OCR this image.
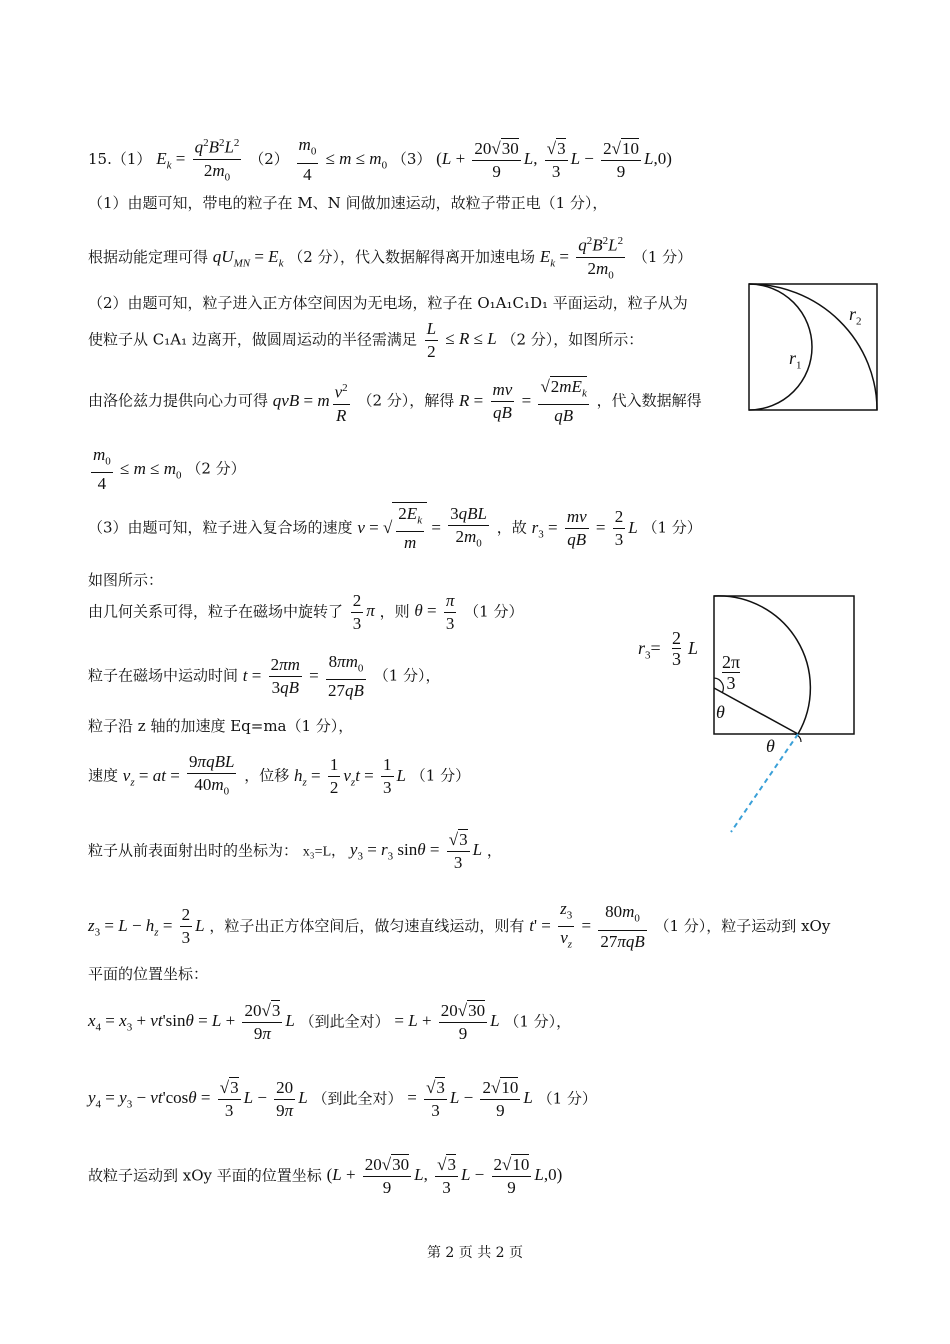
15.（1） $E_k = \frac{q^2B^2L^2}{2m_0} (2) \frac{m_0}{4} \le m \le m_0$ （3） ($L + \frac{20√30}{9} L$, $\frac{√3}{3}$ $L - \frac{2√10}{9} L,0$)
（1）由题可知，带电的粒子在 M、N 间做加速运动，故粒子带正电（1 分），
根据动能定理可得 $qU_{MN} = E_k$ （2 分），代入数据解得离开加速电场 $E_k = \frac{q^2B^2L^2}{2m_0} (1$ 分）
（2）由题可知，粒子进入正方体空间因为无电场，粒子在 O₁A₁C₁D₁ 平面运动，粒子从为
使粒子从 C₁A₁ 边离开，做圆周运动的半径需满足 $\frac{L}{2} \le R \le L$ （2 分），如图所示：
由洛伦兹力提供向心力可得 qvB = m $\frac{v^2}{R} (2$ 分），解得 $R = \frac{mv}{qB} = \frac{√2mE_k}{qB}$ ，代入数据解得
$\frac{m_0}{4} \le m \le m_0$ （2 分）
（3）由题可知，粒子进入复合场的速度 v = √ $\frac{2E_k}{m} = \frac{\text{3qBL}}{2m_0}$ ，故 $r_3 = \frac{mv}{qB} = \frac{2}{3}$ L （1 分）
如图所示：
由几何关系可得，粒子在磁场中旋转了 $\frac{2}{3}$ π ，则 $\theta = \frac{\pi}{3} (1$ 分）
粒子在磁场中运动时间 $t = \frac{2\pi m}{3qB} = \frac{8\pi m_0}{27qB} (1$ 分），
粒子沿 z 轴的加速度 Eq=ma（1 分），
速度 $v_z$ = at = $\frac{\text{9πqBL}}{40m_0}$ ，位移 $h_z = \frac{1}{2} v_zt = \frac{1}{3}$ L （1 分）
粒子从前表面射出时的坐标为： x₃=L， $y_3 = r_3$ $\sin\theta = \frac{√3}{3}$ L ，
$z_3 = L - h_z = \frac{2}{3}$ L ，粒子出正方体空间后，做匀速直线运动，则有 $t' = \frac{z_3}{v_z} = \frac{80m_0}{\text{27πqB}} (1$ 分），粒子运动到 xOy
平面的位置坐标：
$x_4 = x_3 + vt'\sin\theta = L + \frac{20√3}{9\pi}$ L （到此全对） = $L + \frac{20√30}{9}$ L （1 分），
$y_4 = y_3 - vt'\cos\theta = \frac{√3}{3}$ $L - \frac{20}{9\pi}$ L （到此全对） = $\frac{√3}{3}$ $L - \frac{2√10}{9}$ L （1 分）
故粒子运动到 xOy 平面的位置坐标 ($L + \frac{20√30}{9} L$, $\frac{√3}{3}$ $L - \frac{2√10}{9} L,0$)
第 2 页 共 2 页
$r_1$
$r_2$
$r_3= 2$
3
L
2π
3
θ
θ
